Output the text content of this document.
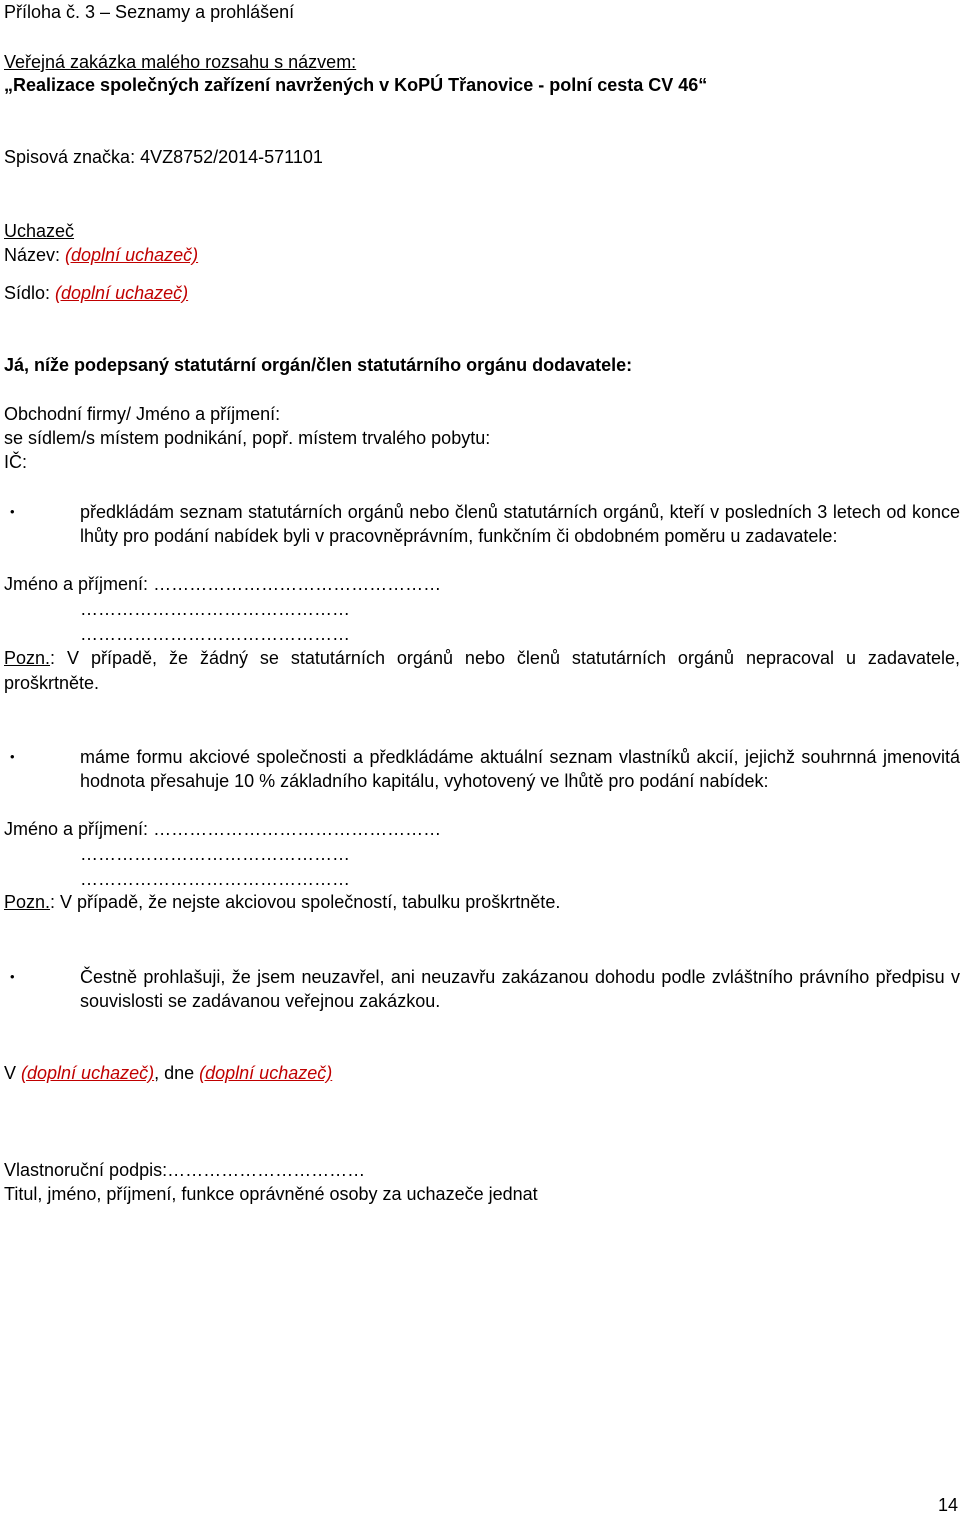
Příloha č. 3 – Seznamy a prohlášení
Veřejná zakázka malého rozsahu s názvem:
„Realizace společných zařízení navržených v KoPÚ Třanovice - polní cesta CV 46“
Spisová značka: 4VZ8752/2014-571101
Uchazeč
Název: (doplní uchazeč)
Sídlo: (doplní uchazeč)
Já, níže podepsaný statutární orgán/člen statutárního orgánu dodavatele:
Obchodní firmy/ Jméno a příjmení:
se sídlem/s místem podnikání, popř. místem trvalého pobytu:
IČ:
•	předkládám seznam statutárních orgánů nebo členů statutárních orgánů, kteří v posledních 3 letech od konce lhůty pro podání nabídek byli v pracovněprávním, funkčním či obdobném poměru u zadavatele:
Jméno a příjmení: …………………………………………
………………………………………
………………………………………
Pozn.: V případě, že žádný se statutárních orgánů nebo členů statutárních orgánů nepracoval u zadavatele, proškrtněte.
•	máme formu akciové společnosti a předkládáme aktuální seznam vlastníků akcií, jejichž souhrnná jmenovitá hodnota přesahuje 10 % základního kapitálu, vyhotovený ve lhůtě pro podání nabídek:
Jméno a příjmení: …………………………………………
………………………………………
………………………………………
Pozn.: V případě, že nejste akciovou společností, tabulku proškrtněte.
•	Čestně prohlašuji, že jsem neuzavřel, ani neuzavřu zakázanou dohodu podle zvláštního právního předpisu v souvislosti se zadávanou veřejnou zakázkou.
V (doplní uchazeč), dne (doplní uchazeč)
Vlastnoruční podpis:……………………………
Titul, jméno, příjmení, funkce oprávněné osoby za uchazeče jednat
14
